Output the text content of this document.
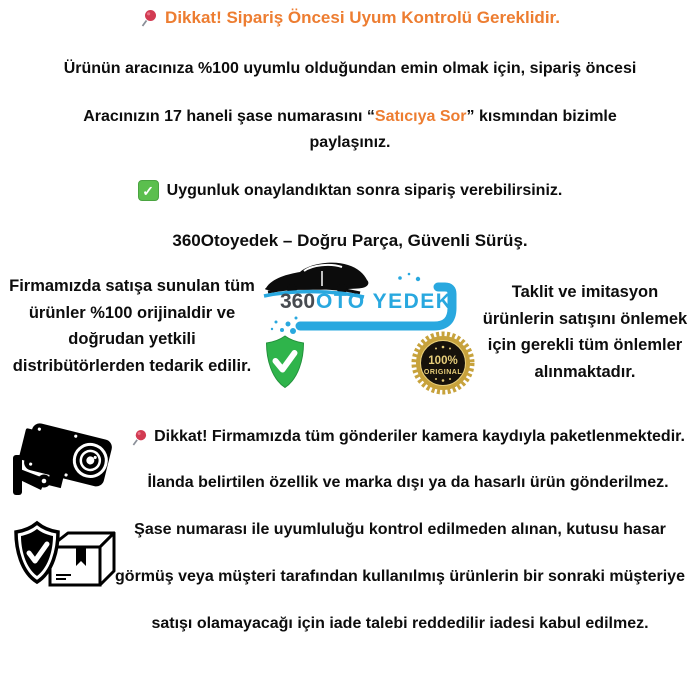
Dikkat! Sipariş Öncesi Uyum Kontrolü Gereklidir.
Ürünün aracınıza %100 uyumlu olduğundan emin olmak için, sipariş öncesi
Aracınızın 17 haneli şase numarasını “Satıcıya Sor” kısmından bizimle
paylaşınız.
✓ Uygunluk onaylandıktan sonra sipariş verebilirsiniz.
360Otoyedek – Doğru Parça, Güvenli Sürüş.
Firmamızda satışa sunulan tüm
ürünler %100 orijinaldir ve
doğrudan yetkili
distribütörlerden tedarik edilir.
Taklit ve imitasyon
ürünlerin satışını önlemek
için gerekli tüm önlemler
alınmaktadır.
360 OTO YEDEK
100%
ORIGINAL
Dikkat! Firmamızda tüm gönderiler kamera kaydıyla paketlenmektedir.
İlanda belirtilen özellik ve marka dışı ya da hasarlı ürün gönderilmez.
Şase numarası ile uyumluluğu kontrol edilmeden alınan, kutusu hasar
görmüş veya müşteri tarafından kullanılmış ürünlerin bir sonraki müşteriye
satışı olamayacağı için iade talebi reddedilir iadesi kabul edilmez.
